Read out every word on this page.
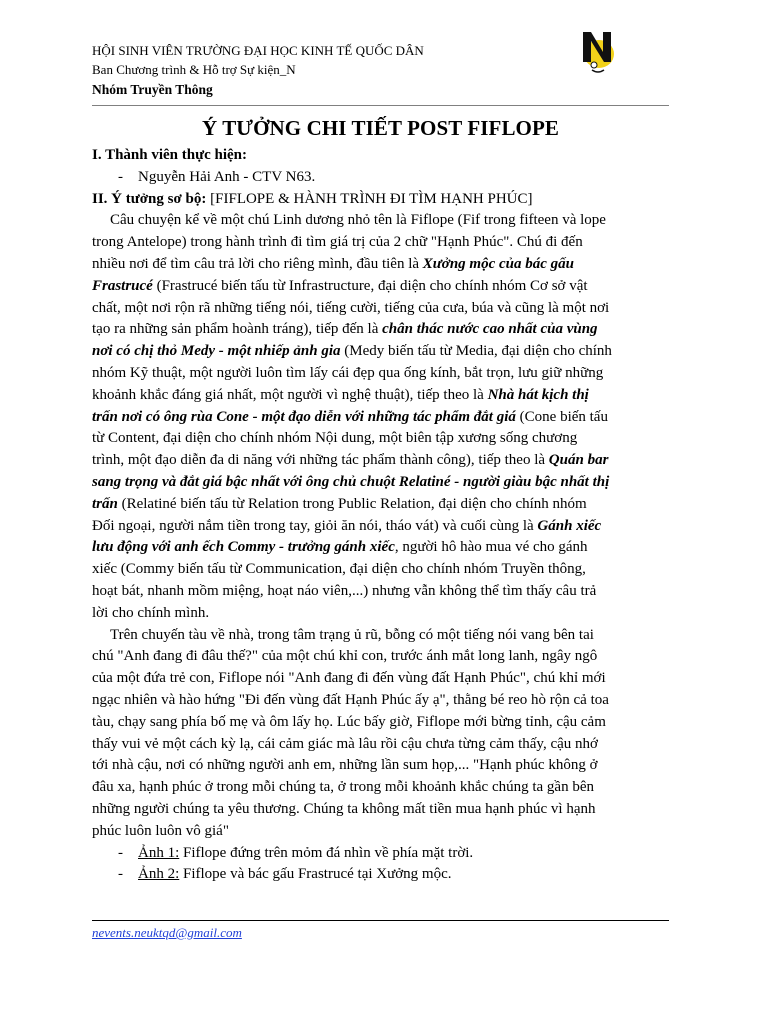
HỘI SINH VIÊN TRƯỜNG ĐẠI HỌC KINH TẾ QUỐC DÂN
Ban Chương trình & Hỗ trợ Sự kiện_N
Nhóm Truyền Thông
Ý TƯỞNG CHI TIẾT POST FIFLOPE
I. Thành viên thực hiện:
- Nguyễn Hải Anh - CTV N63.
II. Ý tưởng sơ bộ: [FIFLOPE & HÀNH TRÌNH ĐI TÌM HẠNH PHÚC]
Câu chuyện kể về một chú Linh dương nhỏ tên là Fiflope (Fif trong fifteen và lope
trong Antelope) trong hành trình đi tìm giá trị của 2 chữ "Hạnh Phúc". Chú đi đến
nhiều nơi để tìm câu trả lời cho riêng mình, đầu tiên là Xưởng mộc của bác gấu
Frastrucé (Frastrucé biến tấu từ Infrastructure, đại diện cho chính nhóm Cơ sở vật
chất, một nơi rộn rã những tiếng nói, tiếng cười, tiếng của cưa, búa và cũng là một nơi
tạo ra những sản phẩm hoành tráng), tiếp đến là chân thác nước cao nhất của vùng
nơi có chị thỏ Medy - một nhiếp ảnh gia (Medy biến tấu từ Media, đại diện cho chính
nhóm Kỹ thuật, một người luôn tìm lấy cái đẹp qua ống kính, bắt trọn, lưu giữ những
khoảnh khắc đáng giá nhất, một người vì nghệ thuật), tiếp theo là Nhà hát kịch thị
trấn nơi có ông rùa Cone - một đạo diễn với những tác phẩm đắt giá (Cone biến tấu
từ Content, đại diện cho chính nhóm Nội dung, một biên tập xương sống chương
trình, một đạo diễn đa di năng với những tác phẩm thành công), tiếp theo là Quán bar
sang trọng và đắt giá bậc nhất với ông chủ chuột Relatiné - người giàu bậc nhất thị
trấn (Relatiné biến tấu từ Relation trong Public Relation, đại diện cho chính nhóm
Đối ngoại, người nắm tiền trong tay, giỏi ăn nói, tháo vát) và cuối cùng là Gánh xiếc
lưu động với anh ếch Commy - trưởng gánh xiếc, người hô hào mua vé cho gánh
xiếc (Commy biến tấu từ Communication, đại diện cho chính nhóm Truyền thông,
hoạt bát, nhanh mồm miệng, hoạt náo viên,...) nhưng vẫn không thể tìm thấy câu trả
lời cho chính mình.
Trên chuyến tàu về nhà, trong tâm trạng ủ rũ, bỗng có một tiếng nói vang bên tai
chú "Anh đang đi đâu thế?" của một chú khỉ con, trước ánh mắt long lanh, ngây ngô
của một đứa trẻ con, Fiflope nói "Anh đang đi đến vùng đất Hạnh Phúc", chú khỉ mới
ngạc nhiên và hào hứng "Đi đến vùng đất Hạnh Phúc ấy ạ", thằng bé reo hò rộn cả toa
tàu, chạy sang phía bố mẹ và ôm lấy họ. Lúc bấy giờ, Fiflope mới bừng tỉnh, cậu cảm
thấy vui vẻ một cách kỳ lạ, cái cảm giác mà lâu rồi cậu chưa từng cảm thấy, cậu nhớ
tới nhà cậu, nơi có những người anh em, những lần sum họp,... "Hạnh phúc không ở
đâu xa, hạnh phúc ở trong mỗi chúng ta, ở trong mỗi khoảnh khắc chúng ta gần bên
những người chúng ta yêu thương. Chúng ta không mất tiền mua hạnh phúc vì hạnh
phúc luôn luôn vô giá"
- Ảnh 1: Fiflope đứng trên mỏm đá nhìn về phía mặt trời.
- Ảnh 2: Fiflope và bác gấu Frastrucé tại Xưởng mộc.
nevents.neuktqd@gmail.com
